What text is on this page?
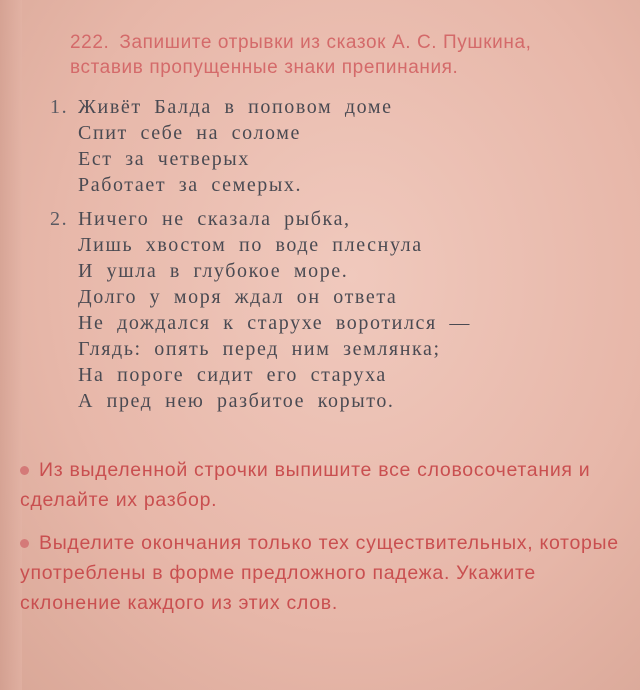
222. Запишите отрывки из сказок А. С. Пушкина, вставив пропущенные знаки препинания.

1. Живёт Балда в поповом доме
Спит себе на соломе
Ест за четверых
Работает за семерых.
2. Ничего не сказала рыбка,
Лишь хвостом по воде плеснула
И ушла в глубокое море.
Долго у моря ждал он ответа
Не дождался к старухе воротился —
Глядь: опять перед ним землянка;
На пороге сидит его старуха
А пред нею разбитое корыто.

Из выделенной строчки выпишите все словосочетания и сделайте их разбор.

Выделите окончания только тех существительных, которые употреблены в форме предложного падежа. Укажите склонение каждого из этих слов.
